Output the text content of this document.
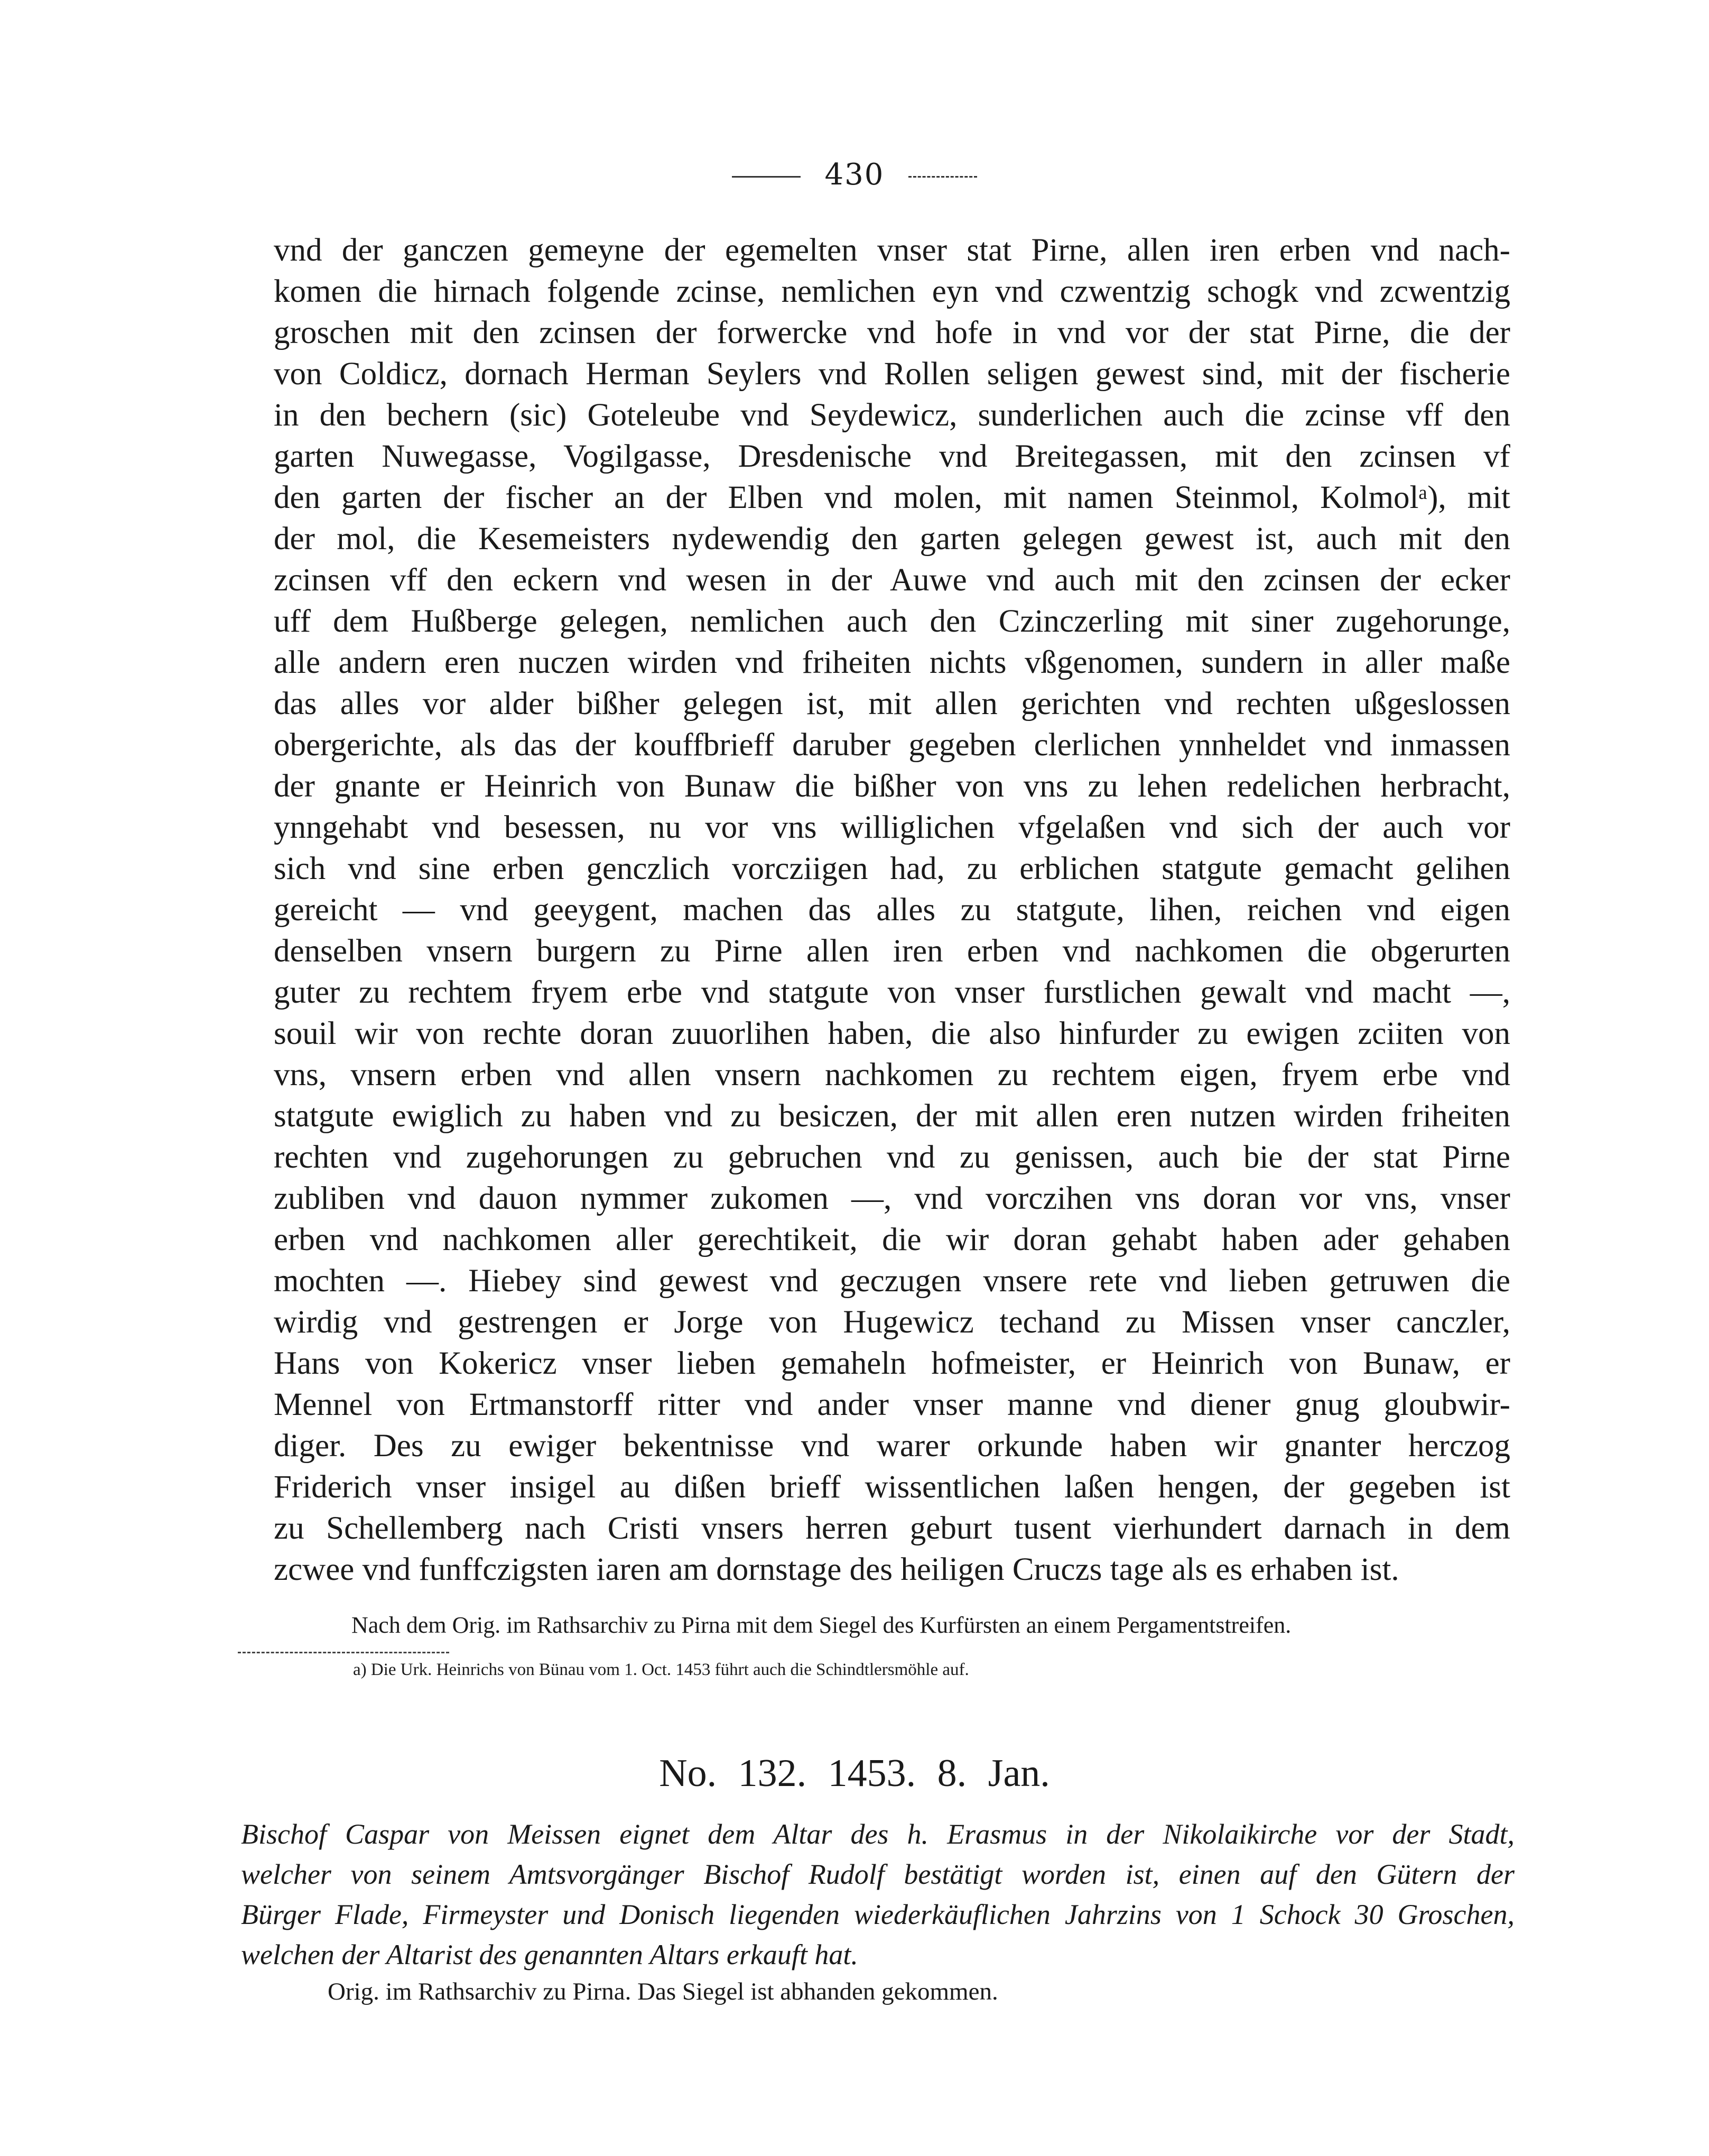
430
vnd der ganczen gemeyne der egemelten vnser stat Pirne, allen iren erben vnd nach-
komen die hirnach folgende zcinse, nemlichen eyn vnd czwentzig schogk vnd zcwentzig
groschen mit den zcinsen der forwercke vnd hofe in vnd vor der stat Pirne, die der
von Coldicz, dornach Herman Seylers vnd Rollen seligen gewest sind, mit der fischerie
in den bechern (sic) Goteleube vnd Seydewicz, sunderlichen auch die zcinse vff den
garten Nuwegasse, Vogilgasse, Dresdenische vnd Breitegassen, mit den zcinsen vf
den garten der fischer an der Elben vnd molen, mit namen Steinmol, Kolmolᵃ), mit
der mol, die Kesemeisters nydewendig den garten gelegen gewest ist, auch mit den
zcinsen vff den eckern vnd wesen in der Auwe vnd auch mit den zcinsen der ecker
uff dem Hußberge gelegen, nemlichen auch den Czinczerling mit siner zugehorunge,
alle andern eren nuczen wirden vnd friheiten nichts vßgenomen, sundern in aller maße
das alles vor alder bißher gelegen ist, mit allen gerichten vnd rechten ußgeslossen
obergerichte, als das der kouffbrieff daruber gegeben clerlichen ynnheldet vnd inmassen
der gnante er Heinrich von Bunaw die bißher von vns zu lehen redelichen herbracht,
ynngehabt vnd besessen, nu vor vns williglichen vfgelaßen vnd sich der auch vor
sich vnd sine erben genczlich vorcziigen had, zu erblichen statgute gemacht gelihen
gereicht — vnd geeygent, machen das alles zu statgute, lihen, reichen vnd eigen
denselben vnsern burgern zu Pirne allen iren erben vnd nachkomen die obgerurten
guter zu rechtem fryem erbe vnd statgute von vnser furstlichen gewalt vnd macht —,
souil wir von rechte doran zuuorlihen haben, die also hinfurder zu ewigen zciiten von
vns, vnsern erben vnd allen vnsern nachkomen zu rechtem eigen, fryem erbe vnd
statgute ewiglich zu haben vnd zu besiczen, der mit allen eren nutzen wirden friheiten
rechten vnd zugehorungen zu gebruchen vnd zu genissen, auch bie der stat Pirne
zubliben vnd dauon nymmer zukomen —, vnd vorczihen vns doran vor vns, vnser
erben vnd nachkomen aller gerechtikeit, die wir doran gehabt haben ader gehaben
mochten —. Hiebey sind gewest vnd geczugen vnsere rete vnd lieben getruwen die
wirdig vnd gestrengen er Jorge von Hugewicz techand zu Missen vnser canczler,
Hans von Kokericz vnser lieben gemaheln hofmeister, er Heinrich von Bunaw, er
Mennel von Ertmanstorff ritter vnd ander vnser manne vnd diener gnug gloubwir-
diger. Des zu ewiger bekentnisse vnd warer orkunde haben wir gnanter herczog
Friderich vnser insigel au dißen brieff wissentlichen laßen hengen, der gegeben ist
zu Schellemberg nach Cristi vnsers herren geburt tusent vierhundert darnach in dem
zcwee vnd funffczigsten iaren am dornstage des heiligen Cruczs tage als es erhaben ist.
Nach dem Orig. im Rathsarchiv zu Pirna mit dem Siegel des Kurfürsten an einem Pergamentstreifen.
a) Die Urk. Heinrichs von Bünau vom 1. Oct. 1453 führt auch die Schindtlersmöhle auf.
No. 132. 1453. 8. Jan.
Bischof Caspar von Meissen eignet dem Altar des h. Erasmus in der Nikolaikirche vor der Stadt,
welcher von seinem Amtsvorgänger Bischof Rudolf bestätigt worden ist, einen auf den Gütern der
Bürger Flade, Firmeyster und Donisch liegenden wiederkäuflichen Jahrzins von 1 Schock 30 Groschen,
welchen der Altarist des genannten Altars erkauft hat.
Orig. im Rathsarchiv zu Pirna. Das Siegel ist abhanden gekommen.
